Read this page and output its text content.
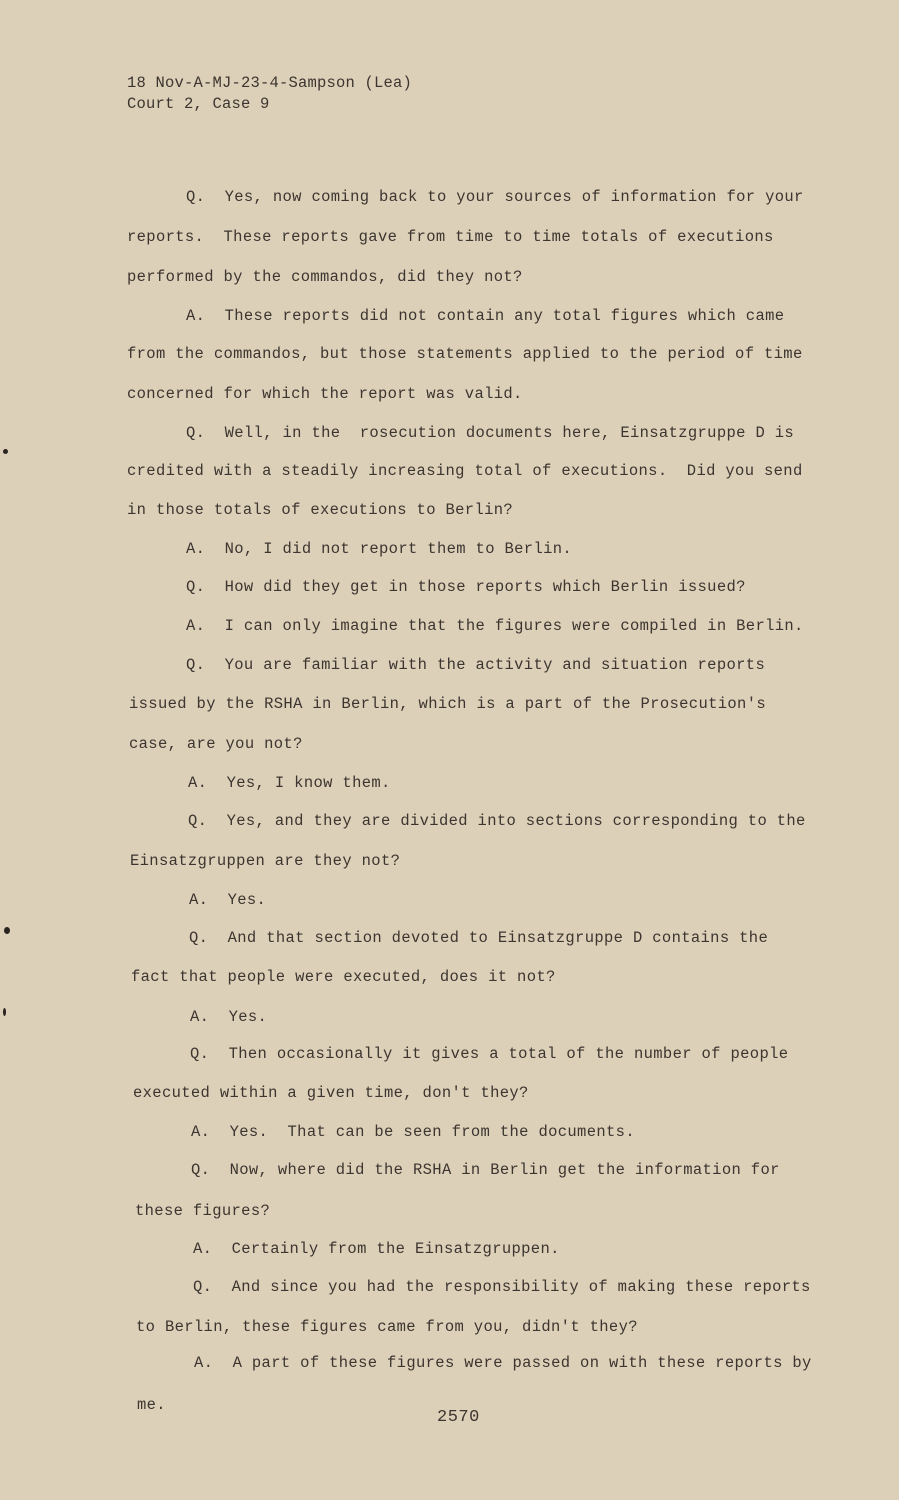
18 Nov-A-MJ-23-4-Sampson (Lea)
Court 2, Case 9
Q.  Yes, now coming back to your sources of information for your
reports.  These reports gave from time to time totals of executions
performed by the commandos, did they not?
A.  These reports did not contain any total figures which came
from the commandos, but those statements applied to the period of time
concerned for which the report was valid.
Q.  Well, in the  rosecution documents here, Einsatzgruppe D is
credited with a steadily increasing total of executions.  Did you send
in those totals of executions to Berlin?
A.  No, I did not report them to Berlin.
Q.  How did they get in those reports which Berlin issued?
A.  I can only imagine that the figures were compiled in Berlin.
Q.  You are familiar with the activity and situation reports
issued by the RSHA in Berlin, which is a part of the Prosecution's
case, are you not?
A.  Yes, I know them.
Q.  Yes, and they are divided into sections corresponding to the
Einsatzgruppen are they not?
A.  Yes.
Q.  And that section devoted to Einsatzgruppe D contains the
fact that people were executed, does it not?
A.  Yes.
Q.  Then occasionally it gives a total of the number of people
executed within a given time, don't they?
A.  Yes.  That can be seen from the documents.
Q.  Now, where did the RSHA in Berlin get the information for
these figures?
A.  Certainly from the Einsatzgruppen.
Q.  And since you had the responsibility of making these reports
to Berlin, these figures came from you, didn't they?
A.  A part of these figures were passed on with these reports by
me.
2570
